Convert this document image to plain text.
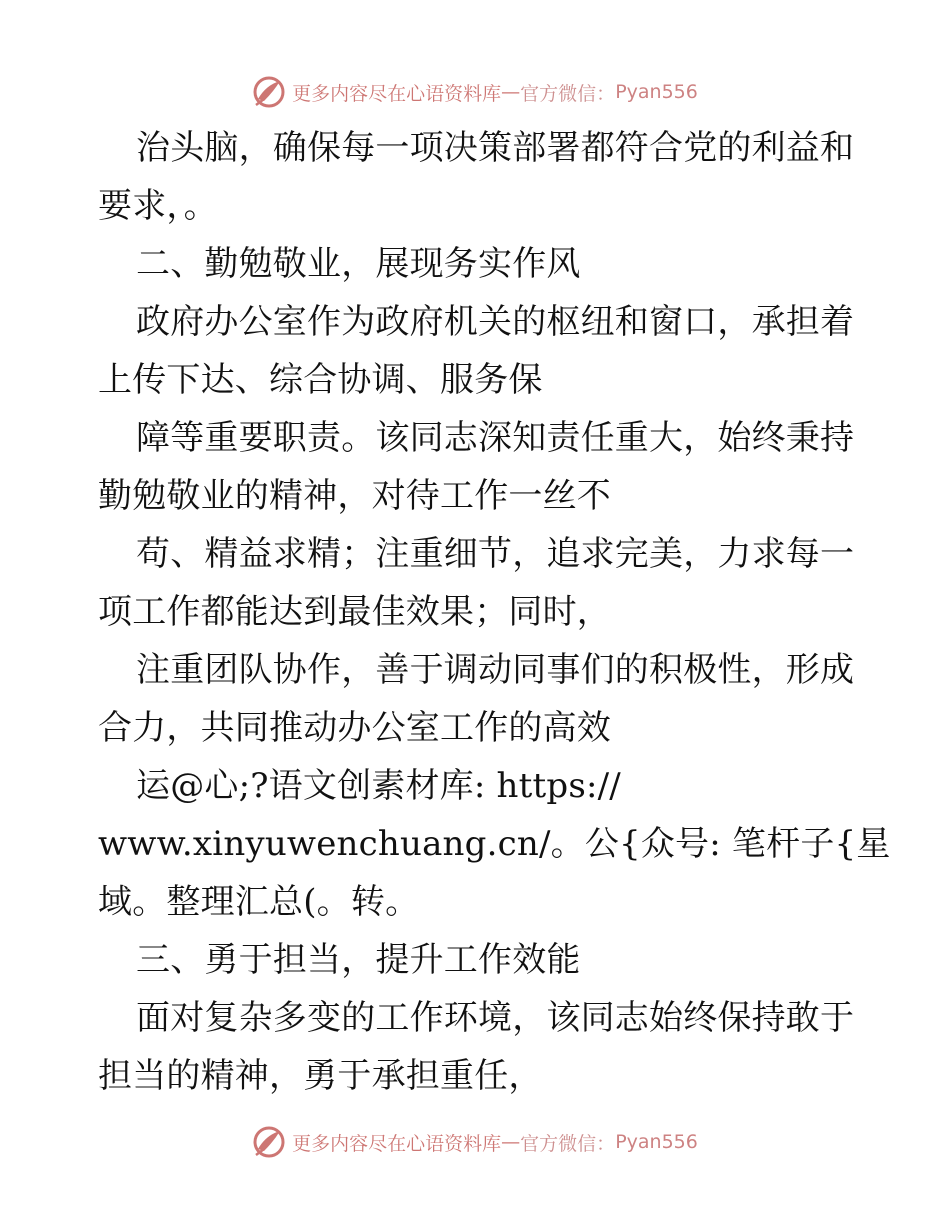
更多内容尽在心语资料库 — 官方微信： Pyan556
治头脑，确保每一项决策部署都符合党的利益和
要求，。
二、勤勉敬业，展现务实作风
政府办公室作为政府机关的枢纽和窗口，承担着
上传下达、综合协调、服务保
障等重要职责。该同志深知责任重大，始终秉持
勤勉敬业的精神，对待工作一丝不
苟、精益求精；注重细节，追求完美，力求每一
项工作都能达到最佳效果；同时，
注重团队协作，善于调动同事们的积极性，形成
合力，共同推动办公室工作的高效
运@心;?语文创素材库: https://
www.xinyuwenchuang.cn/。公{众号: 笔杆子{星
域。整理汇总(。转。
三、勇于担当，提升工作效能
面对复杂多变的工作环境，该同志始终保持敢于
担当的精神，勇于承担重任，
更多内容尽在心语资料库 — 官方微信： Pyan556
